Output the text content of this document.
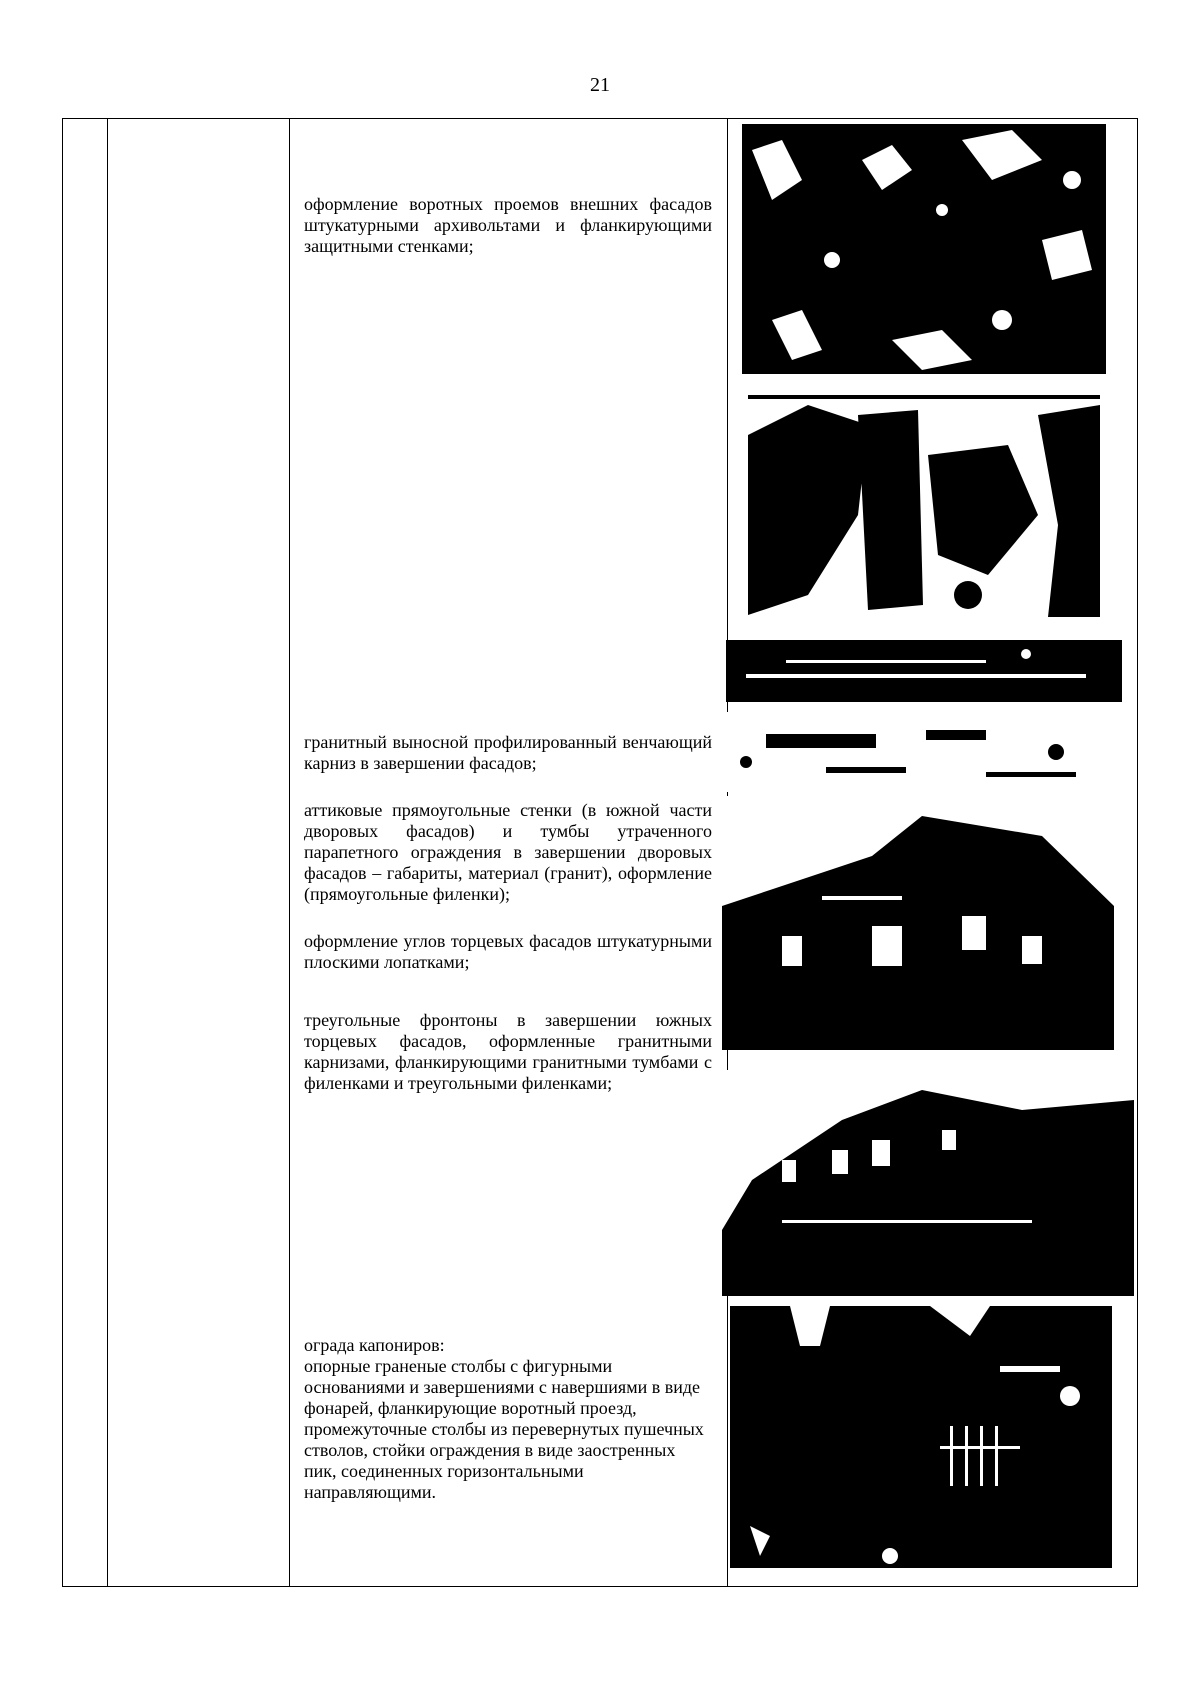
21
оформление воротных проемов внешних фасадов штукатурными архивольтами и фланкирующими защитными стенками;
гранитный выносной профилированный венчающий карниз в завершении фасадов;
аттиковые прямоугольные стенки (в южной части дворовых фасадов) и тумбы утраченного парапетного ограждения в завершении дворовых фасадов – габариты, материал (гранит), оформление (прямоугольные филенки);
оформление углов торцевых фасадов штукатурными плоскими лопатками;
треугольные фронтоны в завершении южных торцевых фасадов, оформленные гранитными карнизами, фланкирующими гранитными тумбами с филенками и треугольными филенками;
ограда капониров:
опорные граненые столбы с фигурными основаниями и завершениями с навершиями в виде фонарей, фланкирующие воротный проезд, промежуточные столбы из перевернутых пушечных стволов, стойки ограждения в виде заостренных пик, соединенных горизонтальными направляющими.
